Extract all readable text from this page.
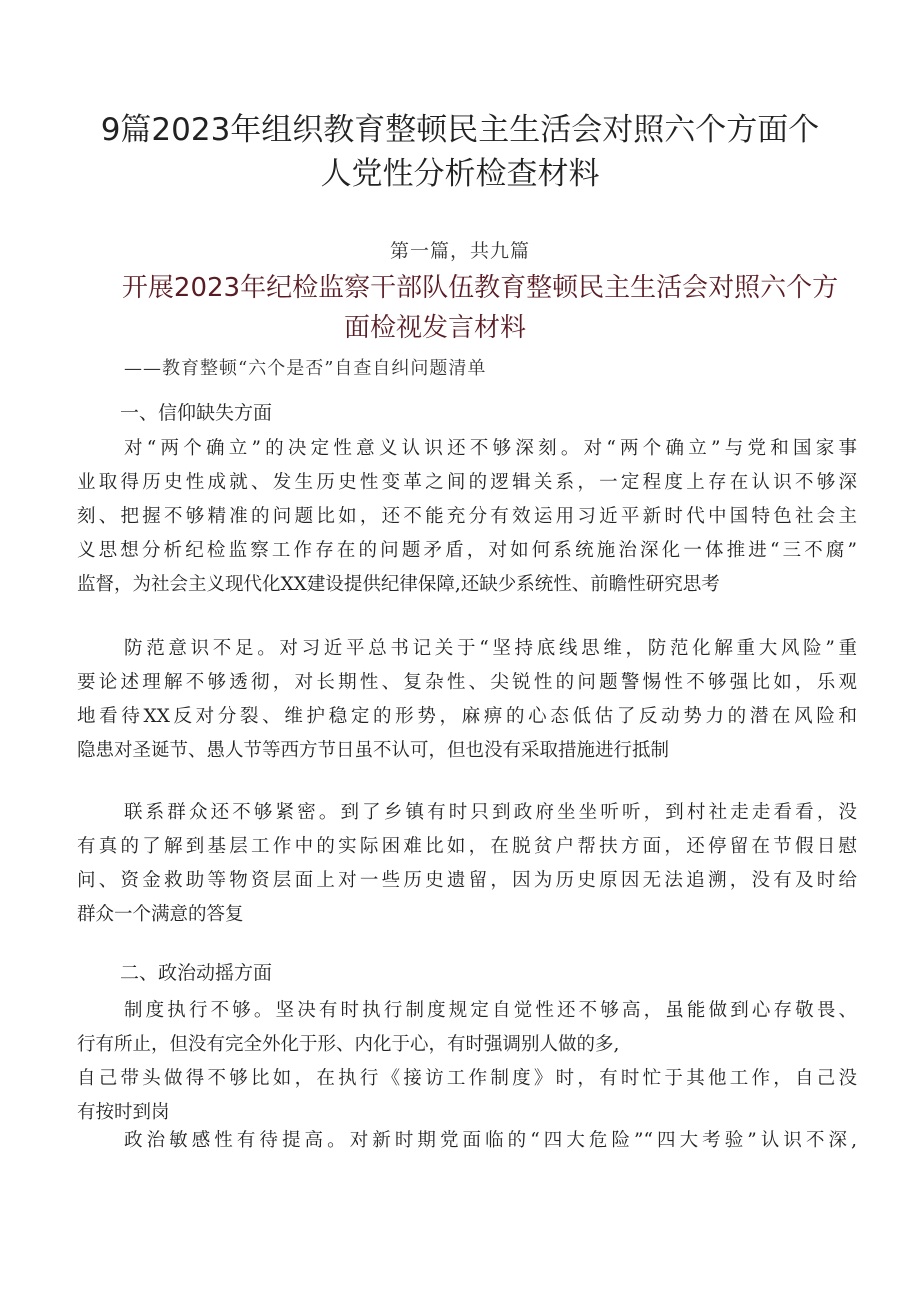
9篇2023年组织教育整顿民主生活会对照六个方面个
人党性分析检查材料
第一篇，共九篇
开展2023年纪检监察干部队伍教育整顿民主生活会对照六个方
面检视发言材料
——教育整顿“六个是否”自查自纠问题清单
一、信仰缺失方面
对“两个确立”的决定性意义认识还不够深刻。对“两个确立”与党和国家事
业取得历史性成就、发生历史性变革之间的逻辑关系，一定程度上存在认识不够深
刻、把握不够精准的问题比如，还不能充分有效运用习近平新时代中国特色社会主
义思想分析纪检监察工作存在的问题矛盾，对如何系统施治深化一体推进“三不腐”
监督，为社会主义现代化XX建设提供纪律保障,还缺少系统性、前瞻性研究思考
防范意识不足。对习近平总书记关于“坚持底线思维，防范化解重大风险”重
要论述理解不够透彻，对长期性、复杂性、尖锐性的问题警惕性不够强比如，乐观
地看待XX反对分裂、维护稳定的形势，麻痹的心态低估了反动势力的潜在风险和
隐患对圣诞节、愚人节等西方节日虽不认可，但也没有采取措施进行抵制
联系群众还不够紧密。到了乡镇有时只到政府坐坐听听，到村社走走看看，没
有真的了解到基层工作中的实际困难比如，在脱贫户帮扶方面，还停留在节假日慰
问、资金救助等物资层面上对一些历史遗留，因为历史原因无法追溯，没有及时给
群众一个满意的答复
二、政治动摇方面
制度执行不够。坚决有时执行制度规定自觉性还不够高，虽能做到心存敬畏、
行有所止，但没有完全外化于形、内化于心，有时强调别人做的多,
自己带头做得不够比如，在执行《接访工作制度》时，有时忙于其他工作，自己没
有按时到岗
政治敏感性有待提高。对新时期党面临的“四大危险”“四大考验”认识不深,
